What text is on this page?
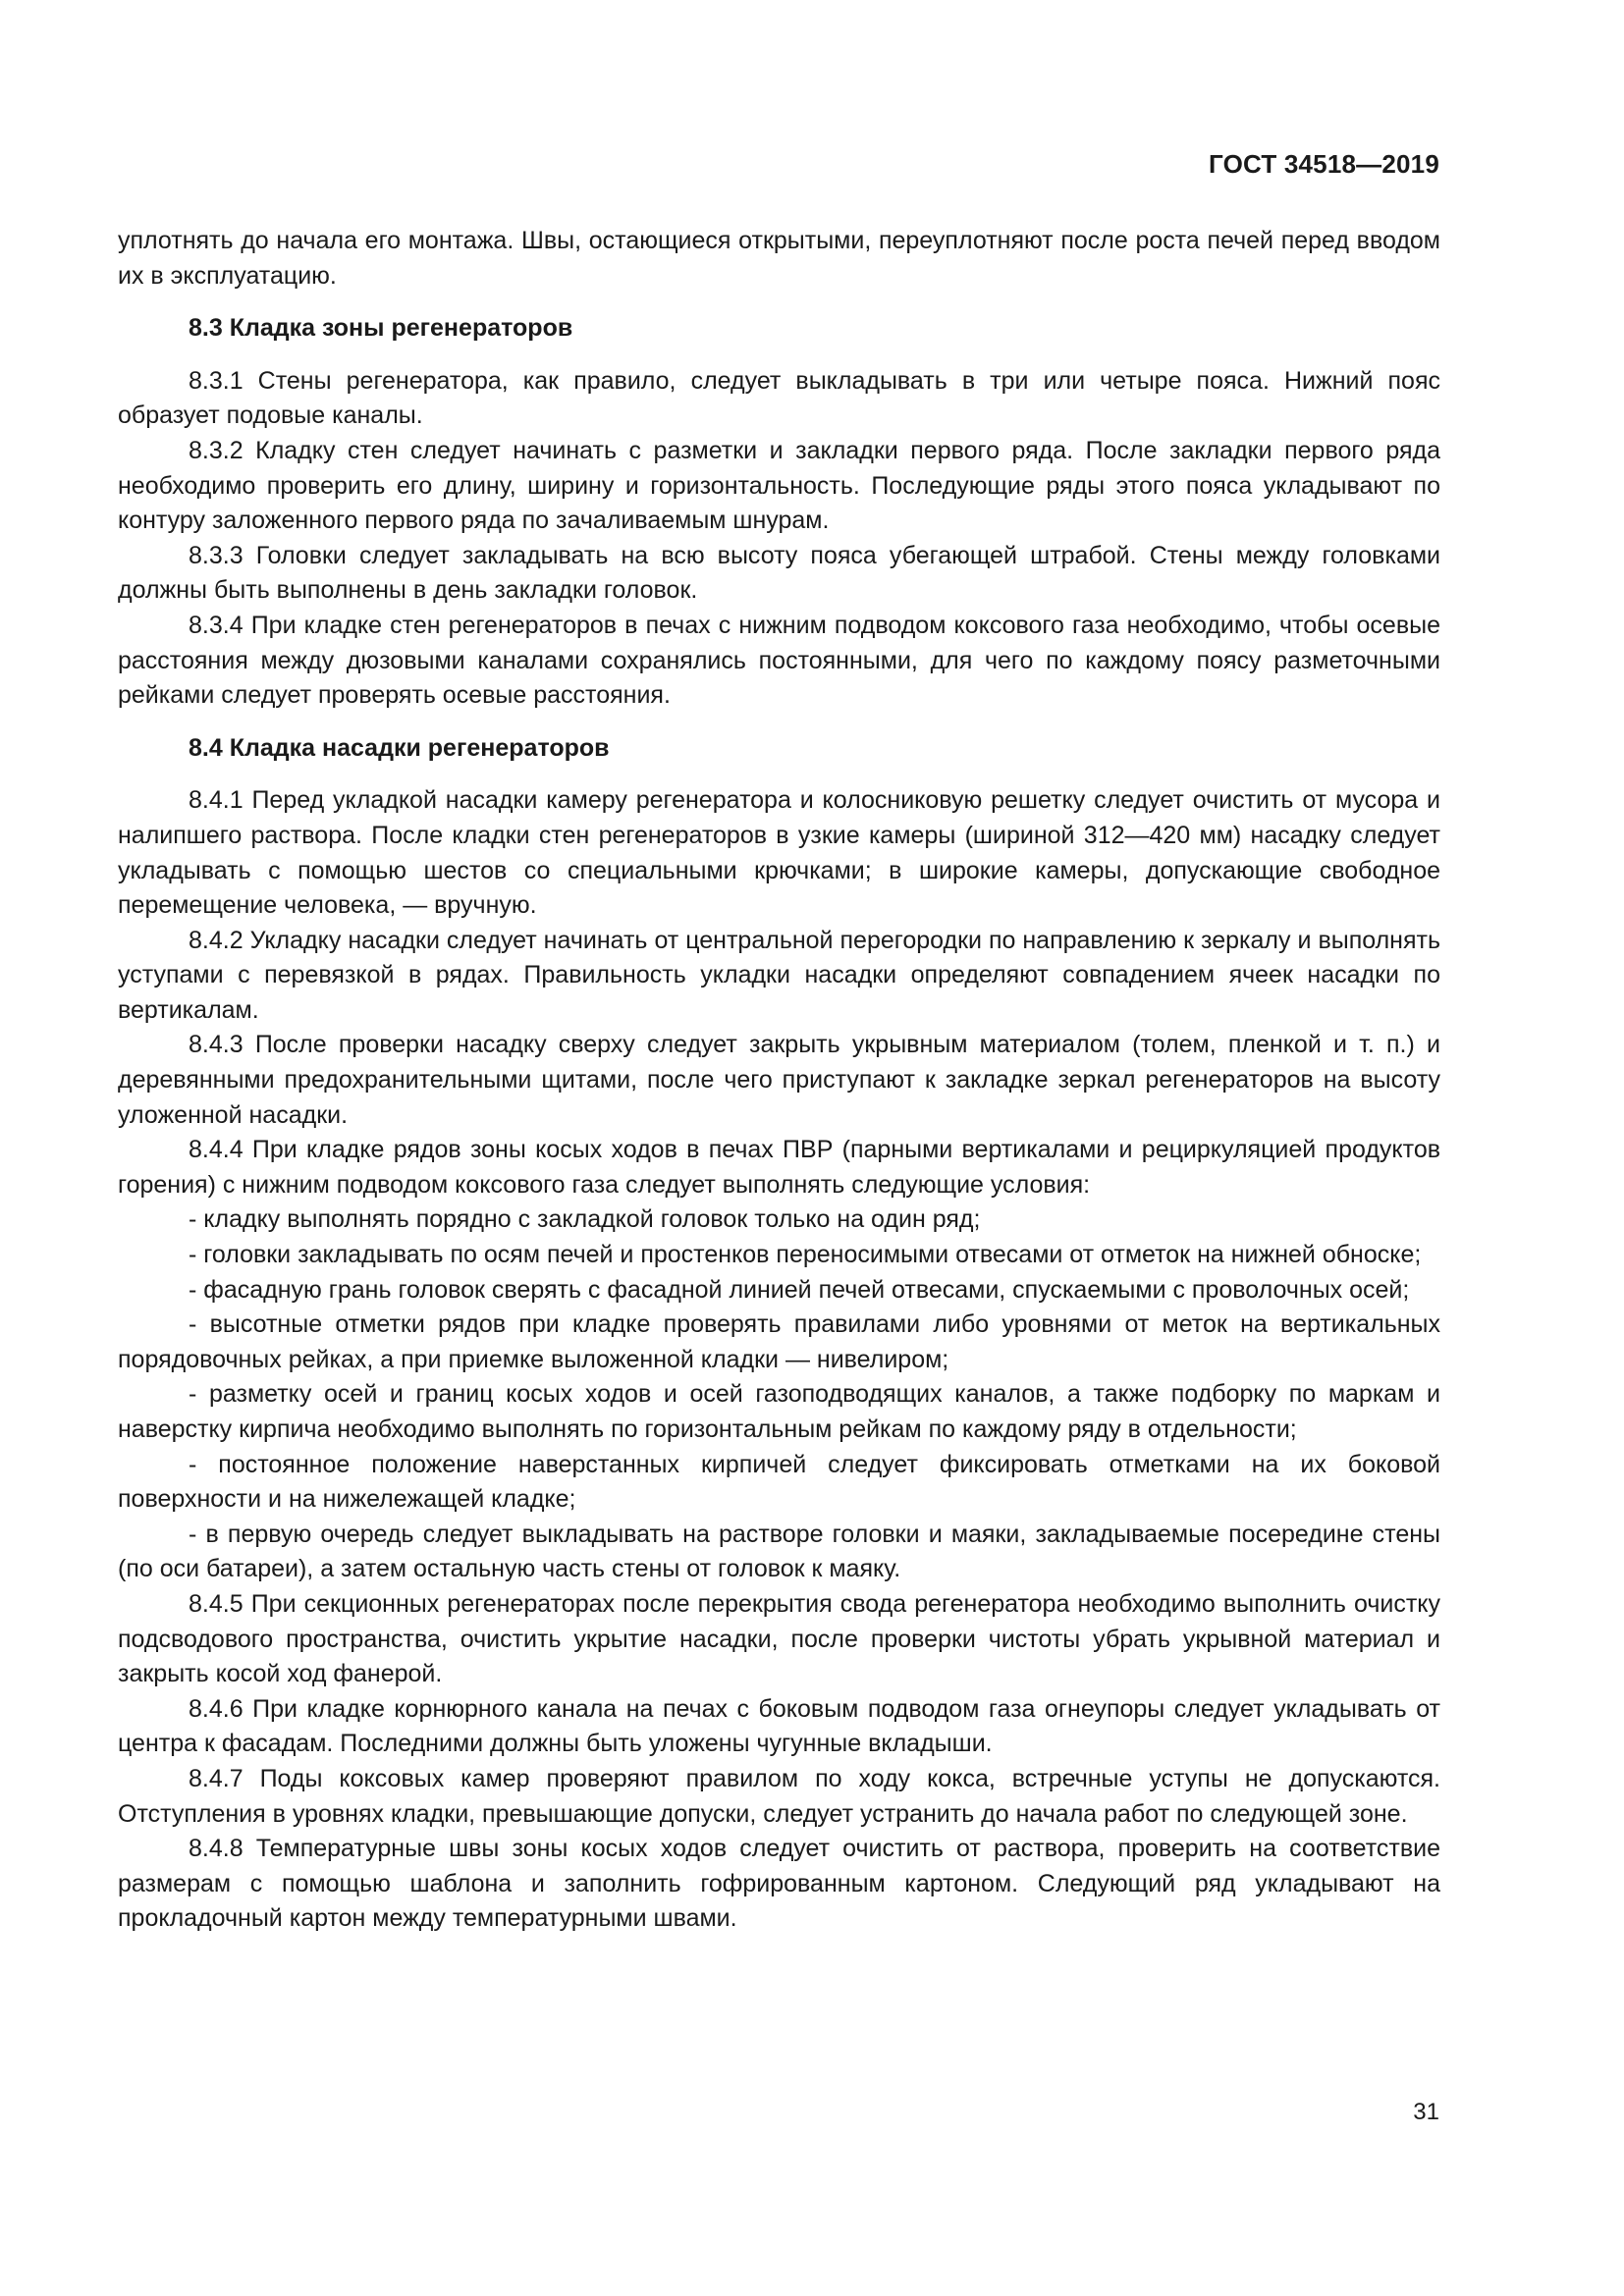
ГОСТ 34518—2019

уплотнять до начала его монтажа. Швы, остающиеся открытыми, переуплотняют после роста печей перед вводом их в эксплуатацию.

8.3 Кладка зоны регенераторов

8.3.1 Стены регенератора, как правило, следует выкладывать в три или четыре пояса. Нижний пояс образует подовые каналы.

8.3.2 Кладку стен следует начинать с разметки и закладки первого ряда. После закладки первого ряда необходимо проверить его длину, ширину и горизонтальность. Последующие ряды этого пояса укладывают по контуру заложенного первого ряда по зачаливаемым шнурам.

8.3.3 Головки следует закладывать на всю высоту пояса убегающей штрабой. Стены между головками должны быть выполнены в день закладки головок.

8.3.4 При кладке стен регенераторов в печах с нижним подводом коксового газа необходимо, чтобы осевые расстояния между дюзовыми каналами сохранялись постоянными, для чего по каждому поясу разметочными рейками следует проверять осевые расстояния.

8.4 Кладка насадки регенераторов

8.4.1 Перед укладкой насадки камеру регенератора и колосниковую решетку следует очистить от мусора и налипшего раствора. После кладки стен регенераторов в узкие камеры (шириной 312—420 мм) насадку следует укладывать с помощью шестов со специальными крючками; в широкие камеры, допускающие свободное перемещение человека, — вручную.

8.4.2 Укладку насадки следует начинать от центральной перегородки по направлению к зеркалу и выполнять уступами с перевязкой в рядах. Правильность укладки насадки определяют совпадением ячеек насадки по вертикалам.

8.4.3 После проверки насадку сверху следует закрыть укрывным материалом (толем, пленкой и т. п.) и деревянными предохранительными щитами, после чего приступают к закладке зеркал регенераторов на высоту уложенной насадки.

8.4.4 При кладке рядов зоны косых ходов в печах ПВР (парными вертикалами и рециркуляцией продуктов горения) с нижним подводом коксового газа следует выполнять следующие условия:

- кладку выполнять порядно с закладкой головок только на один ряд;

- головки закладывать по осям печей и простенков переносимыми отвесами от отметок на нижней обноске;

- фасадную грань головок сверять с фасадной линией печей отвесами, спускаемыми с проволочных осей;

- высотные отметки рядов при кладке проверять правилами либо уровнями от меток на вертикальных порядовочных рейках, а при приемке выложенной кладки — нивелиром;

- разметку осей и границ косых ходов и осей газоподводящих каналов, а также подборку по маркам и наверстку кирпича необходимо выполнять по горизонтальным рейкам по каждому ряду в отдельности;

- постоянное положение наверстанных кирпичей следует фиксировать отметками на их боковой поверхности и на нижележащей кладке;

- в первую очередь следует выкладывать на растворе головки и маяки, закладываемые посередине стены (по оси батареи), а затем остальную часть стены от головок к маяку.

8.4.5 При секционных регенераторах после перекрытия свода регенератора необходимо выполнить очистку подсводового пространства, очистить укрытие насадки, после проверки чистоты убрать укрывной материал и закрыть косой ход фанерой.

8.4.6 При кладке корнюрного канала на печах с боковым подводом газа огнеупоры следует укладывать от центра к фасадам. Последними должны быть уложены чугунные вкладыши.

8.4.7 Поды коксовых камер проверяют правилом по ходу кокса, встречные уступы не допускаются. Отступления в уровнях кладки, превышающие допуски, следует устранить до начала работ по следующей зоне.

8.4.8 Температурные швы зоны косых ходов следует очистить от раствора, проверить на соответствие размерам с помощью шаблона и заполнить гофрированным картоном. Следующий ряд укладывают на прокладочный картон между температурными швами.

31
